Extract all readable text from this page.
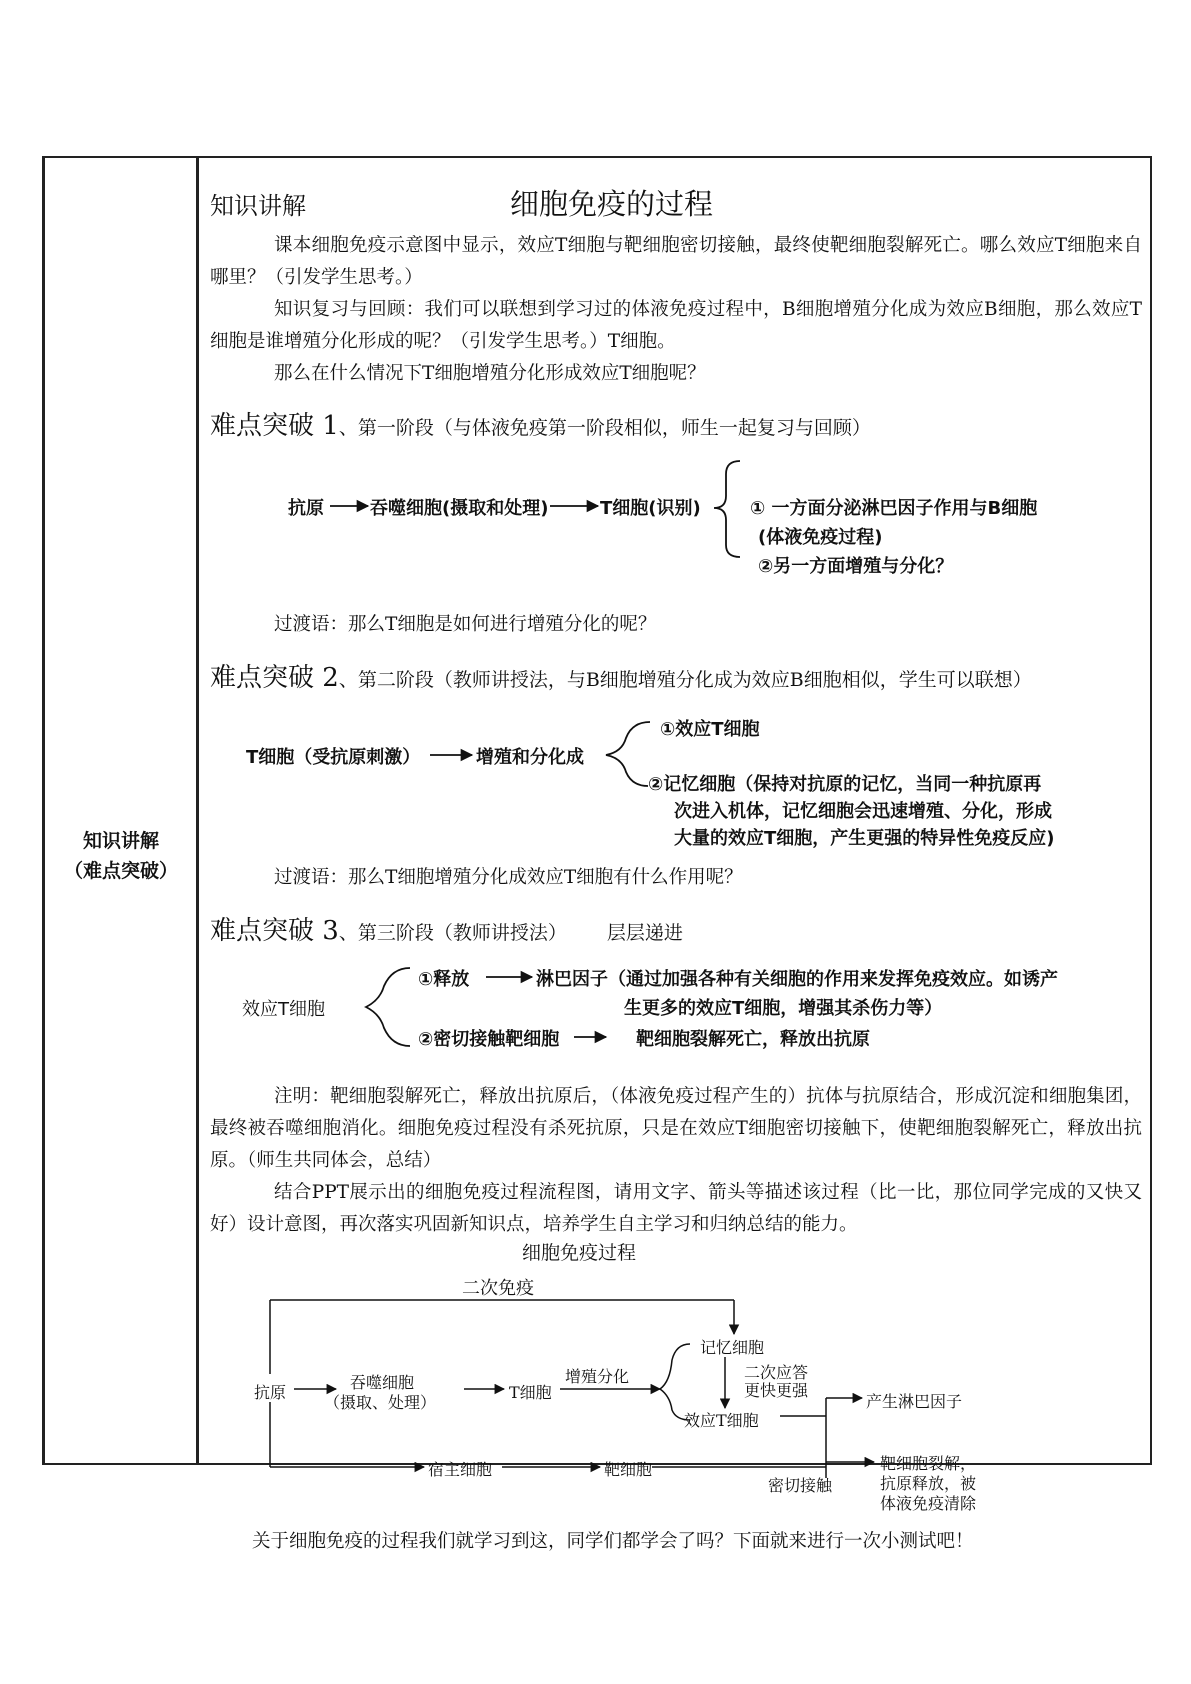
知识讲解
（难点突破）
知识讲解	细胞免疫的过程
课本细胞免疫示意图中显示，效应T细胞与靶细胞密切接触，最终使靶细胞裂解死亡。哪么效应T细胞来自哪里？（引发学生思考。）
知识复习与回顾：我们可以联想到学习过的体液免疫过程中，B细胞增殖分化成为效应B细胞，那么效应T细胞是谁增殖分化形成的呢？（引发学生思考。）T细胞。
那么在什么情况下T细胞增殖分化形成效应T细胞呢？
难点突破 1、第一阶段（与体液免疫第一阶段相似，师生一起复习与回顾）
抗原	吞噬细胞(摄取和处理)	T细胞(识别)	① 一方面分泌淋巴因子作用与B细胞
(体液免疫过程)
②另一方面增殖与分化？
过渡语：那么T细胞是如何进行增殖分化的呢？
难点突破 2、第二阶段（教师讲授法，与B细胞增殖分化成为效应B细胞相似，学生可以联想）
T细胞（受抗原刺激）	增殖和分化成
①效应T细胞
②记忆细胞（保持对抗原的记忆，当同一种抗原再
次进入机体，记忆细胞会迅速增殖、分化，形成
大量的效应T细胞，产生更强的特异性免疫反应)
过渡语：那么T细胞增殖分化成效应T细胞有什么作用呢？
难点突破 3、第三阶段（教师讲授法） 层层递进
效应T细胞
①释放	淋巴因子（通过加强各种有关细胞的作用来发挥免疫效应。如诱产
生更多的效应T细胞，增强其杀伤力等）
②密切接触靶细胞	靶细胞裂解死亡，释放出抗原
注明：靶细胞裂解死亡，释放出抗原后，（体液免疫过程产生的）抗体与抗原结合，形成沉淀和细胞集团，最终被吞噬细胞消化。细胞免疫过程没有杀死抗原，只是在效应T细胞密切接触下，使靶细胞裂解死亡，释放出抗原。（师生共同体会，总结）
结合PPT展示出的细胞免疫过程流程图，请用文字、箭头等描述该过程（比一比，那位同学完成的又快又好）设计意图，再次落实巩固新知识点，培养学生自主学习和归纳总结的能力。
细胞免疫过程
二次免疫
抗原
吞噬细胞
（摄取、处理）
T细胞
增殖分化
记忆细胞
二次应答
更快更强
效应T细胞
产生淋巴因子
宿主细胞	靶细胞
密切接触
靶细胞裂解，
抗原释放，被
体液免疫清除
关于细胞免疫的过程我们就学习到这，同学们都学会了吗？下面就来进行一次小测试吧！
